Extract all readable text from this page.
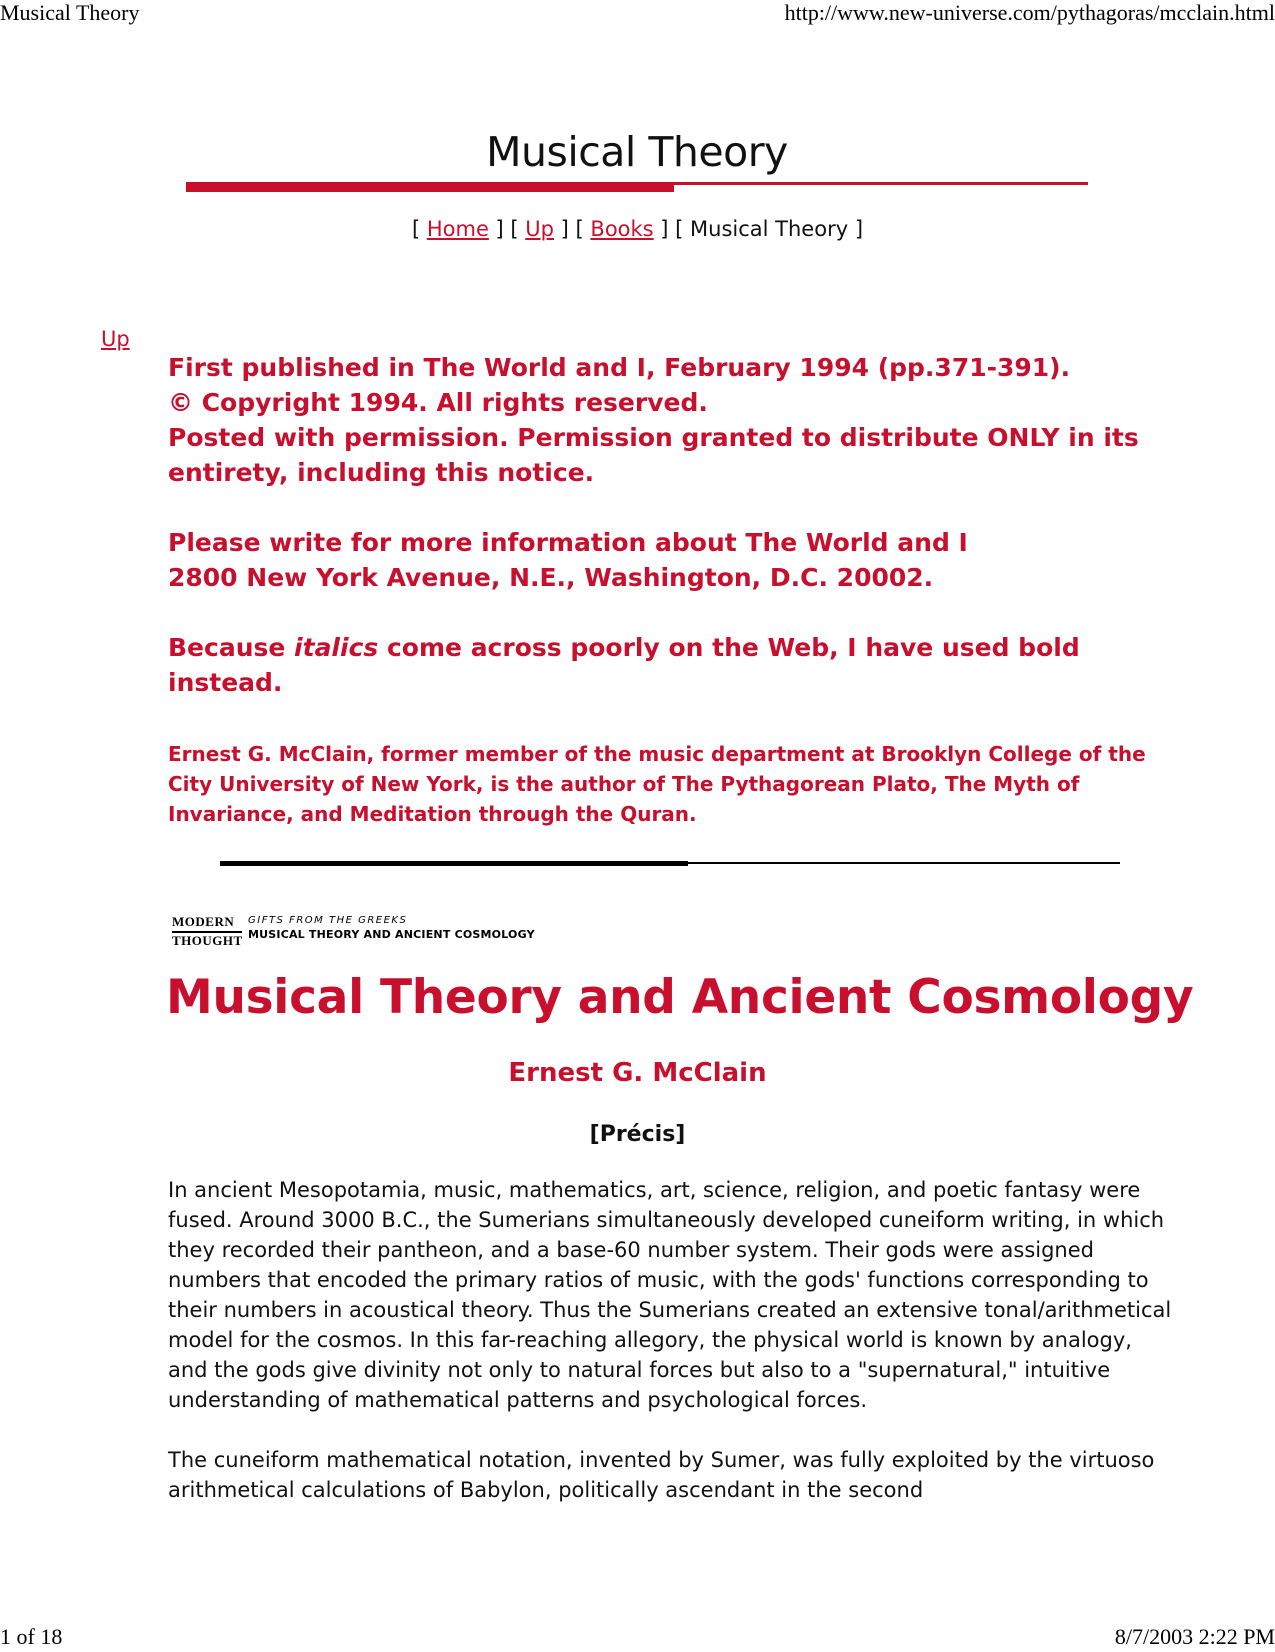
Musical Theory	http://www.new-universe.com/pythagoras/mcclain.html
Musical Theory
[ Home ] [ Up ] [ Books ] [ Musical Theory ]
Up

First published in The World and I, February 1994 (pp.371-391).

© Copyright 1994. All rights reserved.

Posted with permission. Permission granted to distribute ONLY in its entirety, including this notice.

Please write for more information about The World and I

2800 New York Avenue, N.E., Washington, D.C. 20002.

Because italics come across poorly on the Web, I have used bold instead.

Ernest G. McClain, former member of the music department at Brooklyn College of the City University of New York, is the author of The Pythagorean Plato, The Myth of Invariance, and Meditation through the Quran.
MODERN
THOUGHT
GIFTS FROM THE GREEKS
MUSICAL THEORY AND ANCIENT COSMOLOGY
Musical Theory and Ancient Cosmology
Ernest G. McClain
[Précis]

In ancient Mesopotamia, music, mathematics, art, science, religion, and poetic fantasy were fused. Around 3000 B.C., the Sumerians simultaneously developed cuneiform writing, in which they recorded their pantheon, and a base-60 number system. Their gods were assigned numbers that encoded the primary ratios of music, with the gods' functions corresponding to their numbers in acoustical theory. Thus the Sumerians created an extensive tonal/arithmetical model for the cosmos. In this far-reaching allegory, the physical world is known by analogy, and the gods give divinity not only to natural forces but also to a "supernatural," intuitive understanding of mathematical patterns and psychological forces.

The cuneiform mathematical notation, invented by Sumer, was fully exploited by the virtuoso arithmetical calculations of Babylon, politically ascendant in the second

1 of 18	8/7/2003 2:22 PM
